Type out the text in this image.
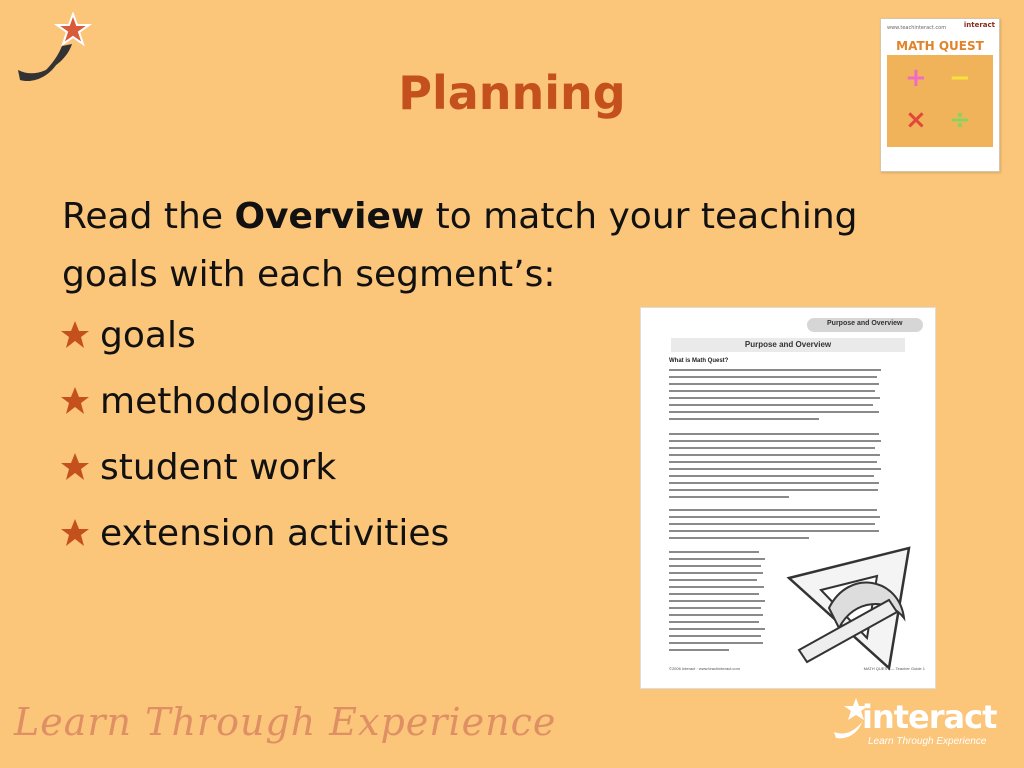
Planning
www.teachinteract.com	interact
MATH QUEST
+ −
× ÷

Read the Overview to match your teaching
goals with each segment’s:
goals
methodologies
student work
extension activities
Purpose and Overview
Purpose and Overview
What is Math Quest?
©2006 Interact · www.teachinteract.com	MATH QUEST — Teacher Guide 1
Learn Through Experience	interact
Learn Through Experience
